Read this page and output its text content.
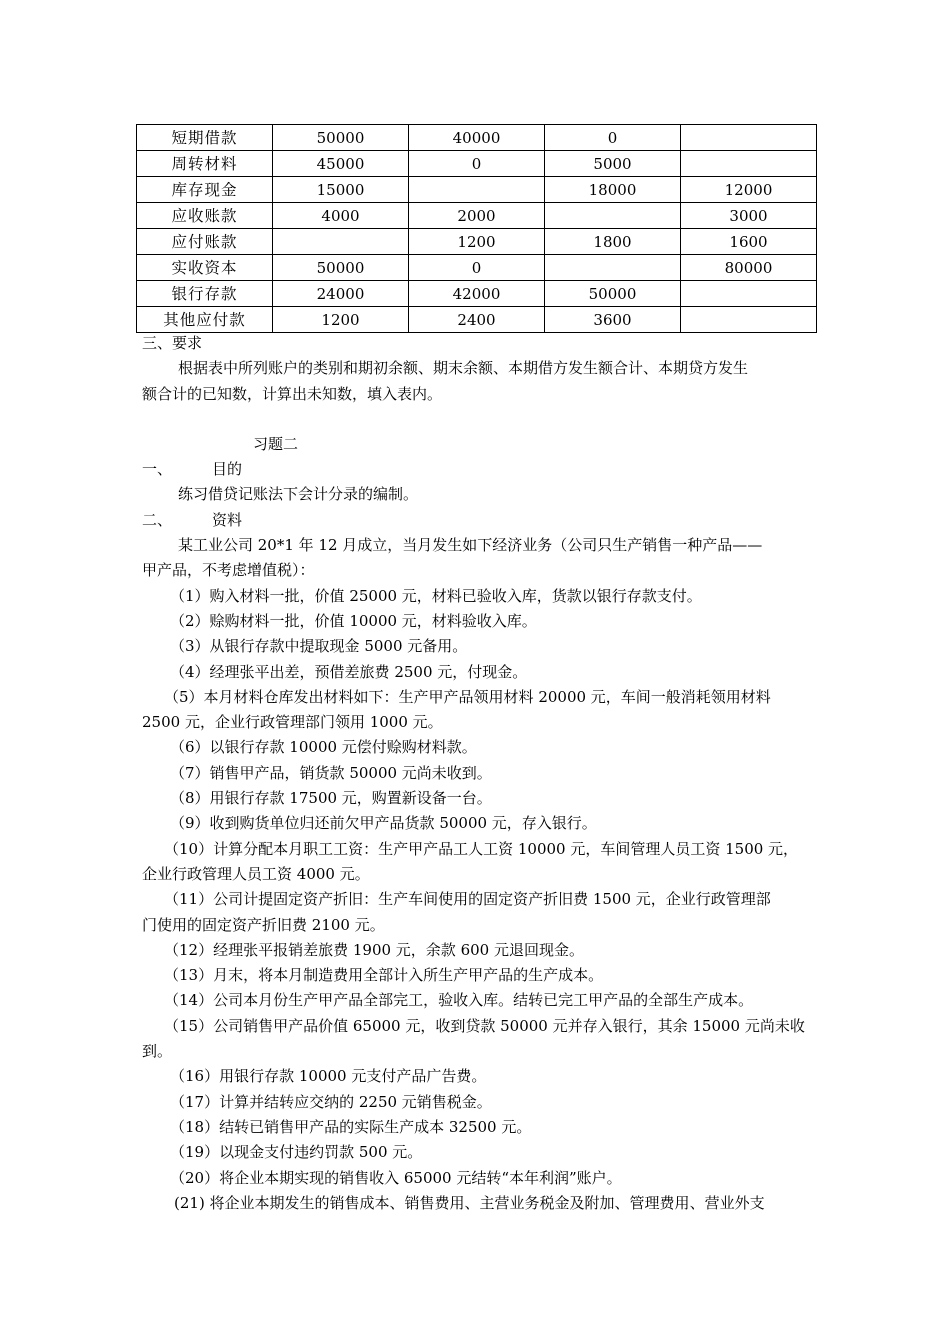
短期借款	50000	40000	0	
周转材料	45000	0	5000	
库存现金	15000		18000	12000
应收账款	4000	2000		3000
应付账款		1200	1800	1600
实收资本	50000	0		80000
银行存款	24000	42000	50000	
其他应付款	1200	2400	3600	
三、要求
根据表中所列账户的类别和期初余额、期末余额、本期借方发生额合计、本期贷方发生
额合计的已知数，计算出未知数，填入表内。
习题二
一、	目的
练习借贷记账法下会计分录的编制。
二、	资料
某工业公司 20*1 年 12 月成立，当月发生如下经济业务（公司只生产销售一种产品——
甲产品，不考虑增值税）：
（1）购入材料一批，价值 25000 元，材料已验收入库，货款以银行存款支付。
（2）赊购材料一批，价值 10000 元，材料验收入库。
（3）从银行存款中提取现金 5000 元备用。
（4）经理张平出差，预借差旅费 2500 元，付现金。
（5）本月材料仓库发出材料如下：生产甲产品领用材料 20000 元，车间一般消耗领用材料
2500 元，企业行政管理部门领用 1000 元。
（6）以银行存款 10000 元偿付赊购材料款。
（7）销售甲产品，销货款 50000 元尚未收到。
（8）用银行存款 17500 元，购置新设备一台。
（9）收到购货单位归还前欠甲产品货款 50000 元，存入银行。
（10）计算分配本月职工工资：生产甲产品工人工资 10000 元，车间管理人员工资 1500 元，
企业行政管理人员工资 4000 元。
（11）公司计提固定资产折旧：生产车间使用的固定资产折旧费 1500 元，企业行政管理部
门使用的固定资产折旧费 2100 元。
（12）经理张平报销差旅费 1900 元，余款 600 元退回现金。
（13）月末，将本月制造费用全部计入所生产甲产品的生产成本。
（14）公司本月份生产甲产品全部完工，验收入库。结转已完工甲产品的全部生产成本。
（15）公司销售甲产品价值 65000 元，收到贷款 50000 元并存入银行，其余 15000 元尚未收
到。
（16）用银行存款 10000 元支付产品广告费。
（17）计算并结转应交纳的 2250 元销售税金。
（18）结转已销售甲产品的实际生产成本 32500 元。
（19）以现金支付违约罚款 500 元。
（20）将企业本期实现的销售收入 65000 元结转“本年利润”账户。
(21) 将企业本期发生的销售成本、销售费用、主营业务税金及附加、管理费用、营业外支
